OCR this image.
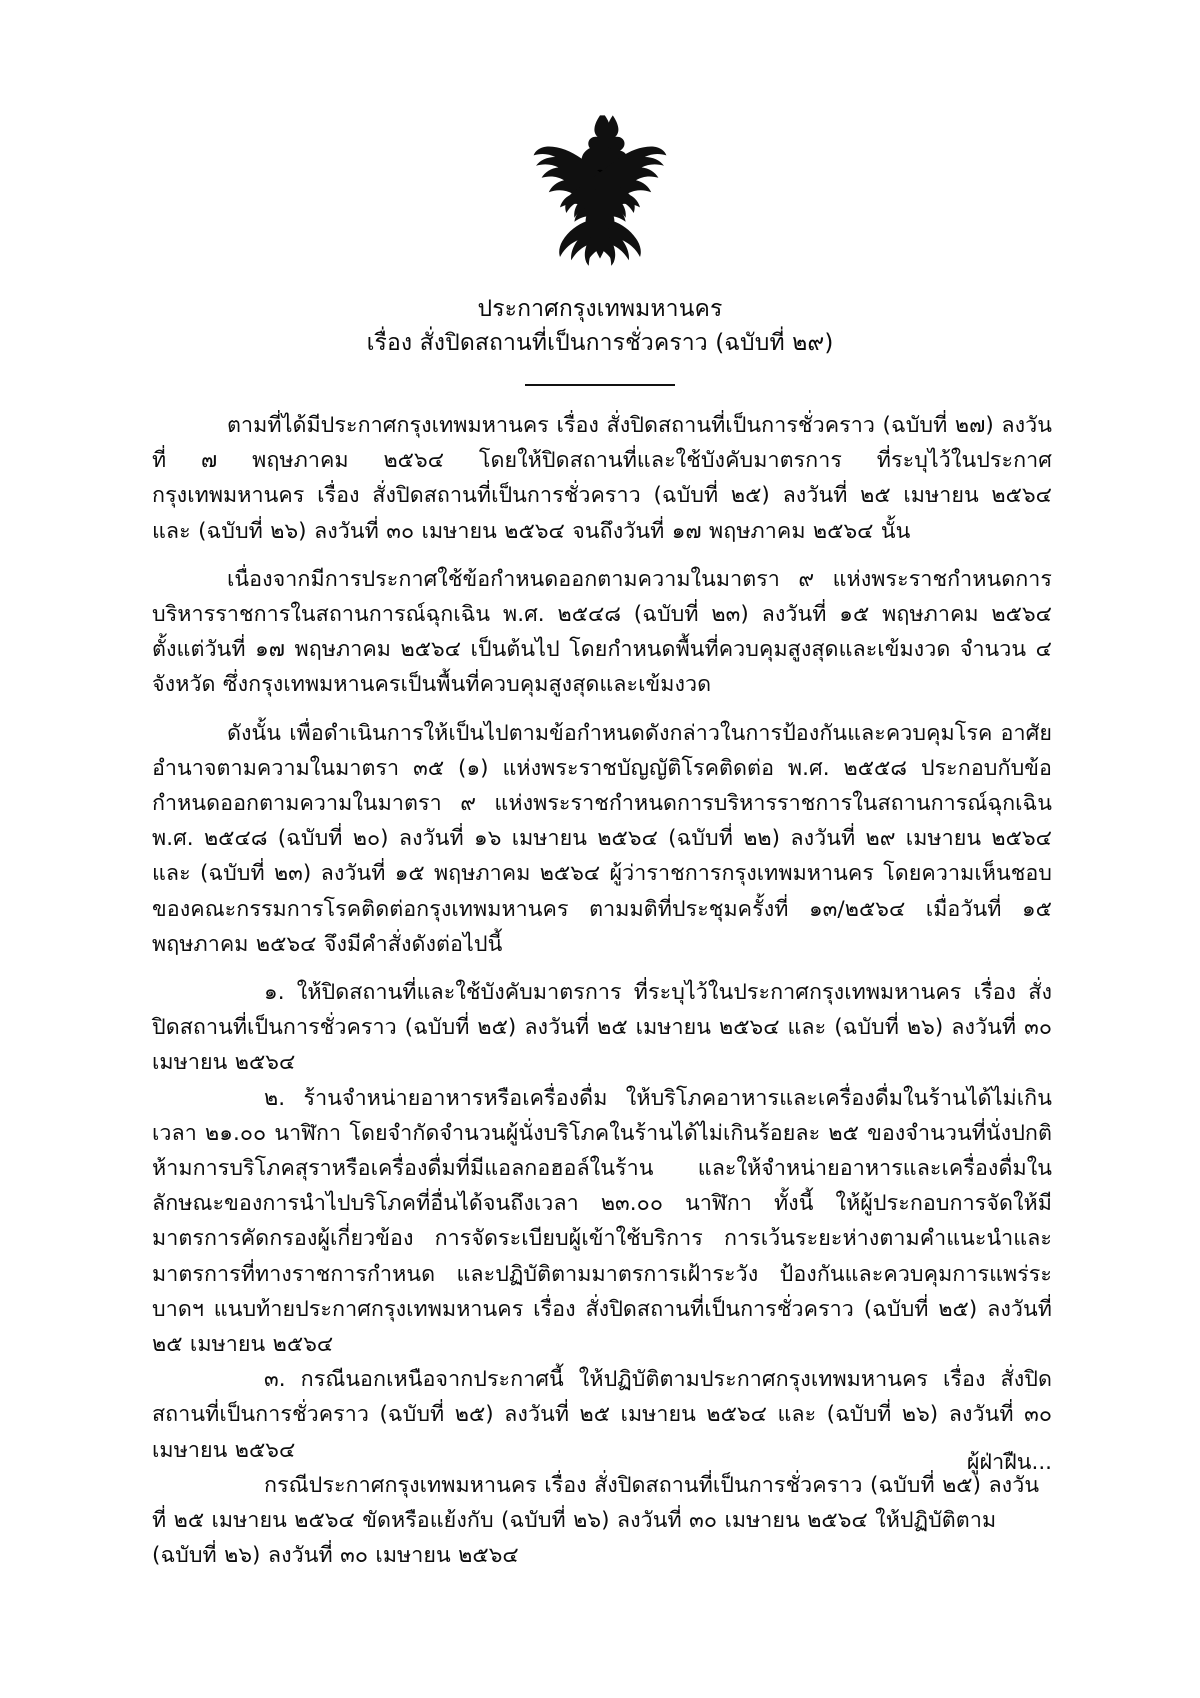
ประกาศกรุงเทพมหานคร
เรื่อง สั่งปิดสถานที่เป็นการชั่วคราว (ฉบับที่ ๒๙)

ตามที่ได้มีประกาศกรุงเทพมหานคร เรื่อง สั่งปิดสถานที่เป็นการชั่วคราว (ฉบับที่ ๒๗) ลงวันที่ ๗ พฤษภาคม ๒๕๖๔ โดยให้ปิดสถานที่และใช้บังคับมาตรการ ที่ระบุไว้ในประกาศกรุงเทพมหานคร เรื่อง สั่งปิดสถานที่เป็นการชั่วคราว (ฉบับที่ ๒๕) ลงวันที่ ๒๕ เมษายน ๒๕๖๔ และ (ฉบับที่ ๒๖) ลงวันที่ ๓๐ เมษายน ๒๕๖๔ จนถึงวันที่ ๑๗ พฤษภาคม ๒๕๖๔ นั้น

เนื่องจากมีการประกาศใช้ข้อกำหนดออกตามความในมาตรา ๙ แห่งพระราชกำหนดการบริหารราชการในสถานการณ์ฉุกเฉิน พ.ศ. ๒๕๔๘ (ฉบับที่ ๒๓) ลงวันที่ ๑๕ พฤษภาคม ๒๕๖๔ ตั้งแต่วันที่ ๑๗ พฤษภาคม ๒๕๖๔ เป็นต้นไป โดยกำหนดพื้นที่ควบคุมสูงสุดและเข้มงวด จำนวน ๔ จังหวัด ซึ่งกรุงเทพมหานครเป็นพื้นที่ควบคุมสูงสุดและเข้มงวด

ดังนั้น เพื่อดำเนินการให้เป็นไปตามข้อกำหนดดังกล่าวในการป้องกันและควบคุมโรค อาศัยอำนาจตามความในมาตรา ๓๕ (๑) แห่งพระราชบัญญัติโรคติดต่อ พ.ศ. ๒๕๕๘ ประกอบกับข้อกำหนดออกตามความในมาตรา ๙ แห่งพระราชกำหนดการบริหารราชการในสถานการณ์ฉุกเฉิน พ.ศ. ๒๕๔๘ (ฉบับที่ ๒๐) ลงวันที่ ๑๖ เมษายน ๒๕๖๔ (ฉบับที่ ๒๒) ลงวันที่ ๒๙ เมษายน ๒๕๖๔ และ (ฉบับที่ ๒๓) ลงวันที่ ๑๕ พฤษภาคม ๒๕๖๔ ผู้ว่าราชการกรุงเทพมหานคร โดยความเห็นชอบของคณะกรรมการโรคติดต่อกรุงเทพมหานคร ตามมติที่ประชุมครั้งที่ ๑๓/๒๕๖๔ เมื่อวันที่ ๑๕ พฤษภาคม ๒๕๖๔ จึงมีคำสั่งดังต่อไปนี้

๑. ให้ปิดสถานที่และใช้บังคับมาตรการ ที่ระบุไว้ในประกาศกรุงเทพมหานคร เรื่อง สั่งปิดสถานที่เป็นการชั่วคราว (ฉบับที่ ๒๕) ลงวันที่ ๒๕ เมษายน ๒๕๖๔ และ (ฉบับที่ ๒๖) ลงวันที่ ๓๐ เมษายน ๒๕๖๔

๒. ร้านจำหน่ายอาหารหรือเครื่องดื่ม ให้บริโภคอาหารและเครื่องดื่มในร้านได้ไม่เกินเวลา ๒๑.๐๐ นาฬิกา โดยจำกัดจำนวนผู้นั่งบริโภคในร้านได้ไม่เกินร้อยละ ๒๕ ของจำนวนที่นั่งปกติ ห้ามการบริโภคสุราหรือเครื่องดื่มที่มีแอลกอฮอล์ในร้าน และให้จำหน่ายอาหารและเครื่องดื่มในลักษณะของการนำไปบริโภคที่อื่นได้จนถึงเวลา ๒๓.๐๐ นาฬิกา ทั้งนี้ ให้ผู้ประกอบการจัดให้มีมาตรการคัดกรองผู้เกี่ยวข้อง การจัดระเบียบผู้เข้าใช้บริการ การเว้นระยะห่างตามคำแนะนำและมาตรการที่ทางราชการกำหนด และปฏิบัติตามมาตรการเฝ้าระวัง ป้องกันและควบคุมการแพร่ระบาดฯ แนบท้ายประกาศกรุงเทพมหานคร เรื่อง สั่งปิดสถานที่เป็นการชั่วคราว (ฉบับที่ ๒๕) ลงวันที่ ๒๕ เมษายน ๒๕๖๔

๓. กรณีนอกเหนือจากประกาศนี้ ให้ปฏิบัติตามประกาศกรุงเทพมหานคร เรื่อง สั่งปิดสถานที่เป็นการชั่วคราว (ฉบับที่ ๒๕) ลงวันที่ ๒๕ เมษายน ๒๕๖๔ และ (ฉบับที่ ๒๖) ลงวันที่ ๓๐ เมษายน ๒๕๖๔

กรณีประกาศกรุงเทพมหานคร เรื่อง สั่งปิดสถานที่เป็นการชั่วคราว (ฉบับที่ ๒๕) ลงวันที่ ๒๕ เมษายน ๒๕๖๔ ขัดหรือแย้งกับ (ฉบับที่ ๒๖) ลงวันที่ ๓๐ เมษายน ๒๕๖๔ ให้ปฏิบัติตาม (ฉบับที่ ๒๖) ลงวันที่ ๓๐ เมษายน ๒๕๖๔

ผู้ฝ่าฝืน...
